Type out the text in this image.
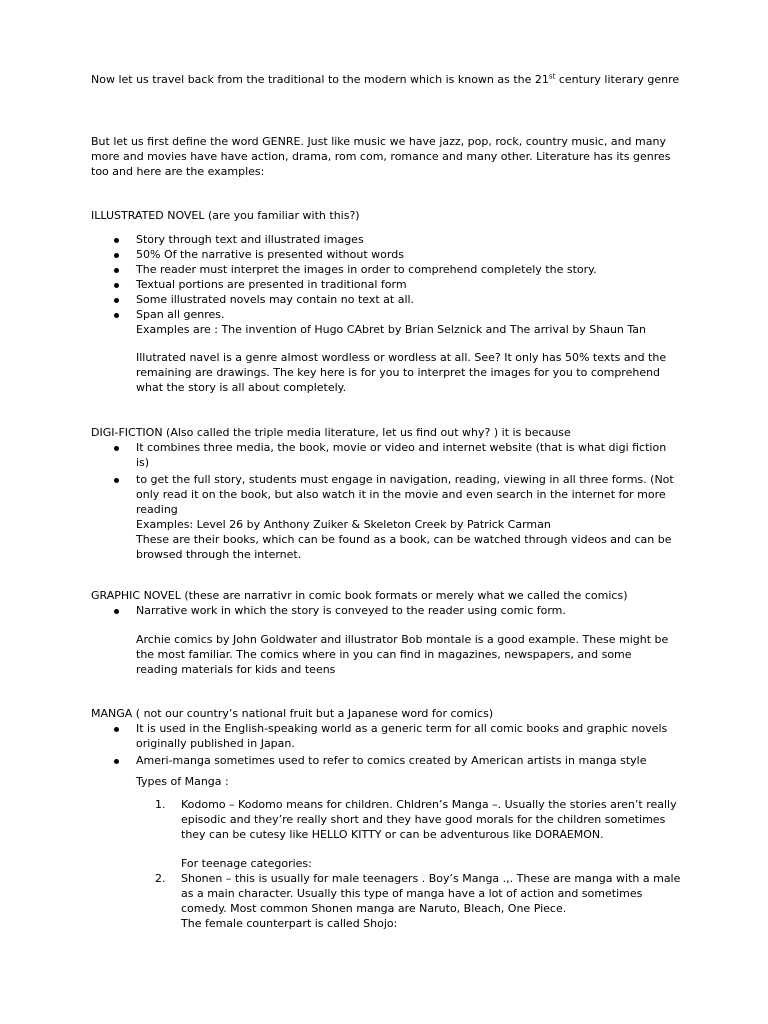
Now let us travel back from the traditional to the modern which is known as the 21st century literary genre

But let us first define the word GENRE. Just like music we have jazz, pop, rock, country music, and many more and movies have have action, drama, rom com, romance and many other. Literature has its genres too and here are the examples:

ILLUSTRATED NOVEL (are you familiar with this?)

Story through text and illustrated images
50% Of the narrative is presented without words
The reader must interpret the images in order to comprehend completely the story.
Textual portions are presented in traditional form
Some illustrated novels may contain no text at all.
Span all genres.
Examples are : The invention of Hugo CAbret by Brian Selznick and The arrival by Shaun Tan

Illutrated navel is a genre almost wordless or wordless at all. See? It only has 50% texts and the remaining are drawings. The key here is for you to interpret the images for you to comprehend what the story is all about completely.

DIGI-FICTION (Also called the triple media literature, let us find out why? ) it is because

It combines three media, the book, movie or video and internet website (that is what digi fiction is)
to get the full story, students must engage in navigation, reading, viewing in all three forms. (Not only read it on the book, but also watch it in the movie and even search in the internet for more reading
Examples: Level 26 by Anthony Zuiker & Skeleton Creek by Patrick Carman
These are their books, which can be found as a book, can be watched through videos and can be browsed through the internet.

GRAPHIC NOVEL (these are narrativr in comic book formats or merely what we called the comics)

Narrative work in which the story is conveyed to the reader using comic form.

Archie comics by John Goldwater and illustrator Bob montale is a good example. These might be the most familiar. The comics where in you can find in magazines, newspapers, and some reading materials for kids and teens

MANGA ( not our country’s national fruit but a Japanese word for comics)

It is used in the English-speaking world as a generic term for all comic books and graphic novels originally published in Japan.
Ameri-manga sometimes used to refer to comics created by American artists in manga style

Types of Manga :

1. Kodomo – Kodomo means for children. Chldren’s Manga –. Usually the stories aren’t really episodic and they’re really short and they have good morals for the children sometimes they can be cutesy like HELLO KITTY or can be adventurous like DORAEMON.

For teenage categories:

2. Shonen – this is usually for male teenagers . Boy’s Manga .,. These are manga with a male as a main character. Usually this type of manga have a lot of action and sometimes comedy. Most common Shonen manga are Naruto, Bleach, One Piece.
The female counterpart is called Shojo:
